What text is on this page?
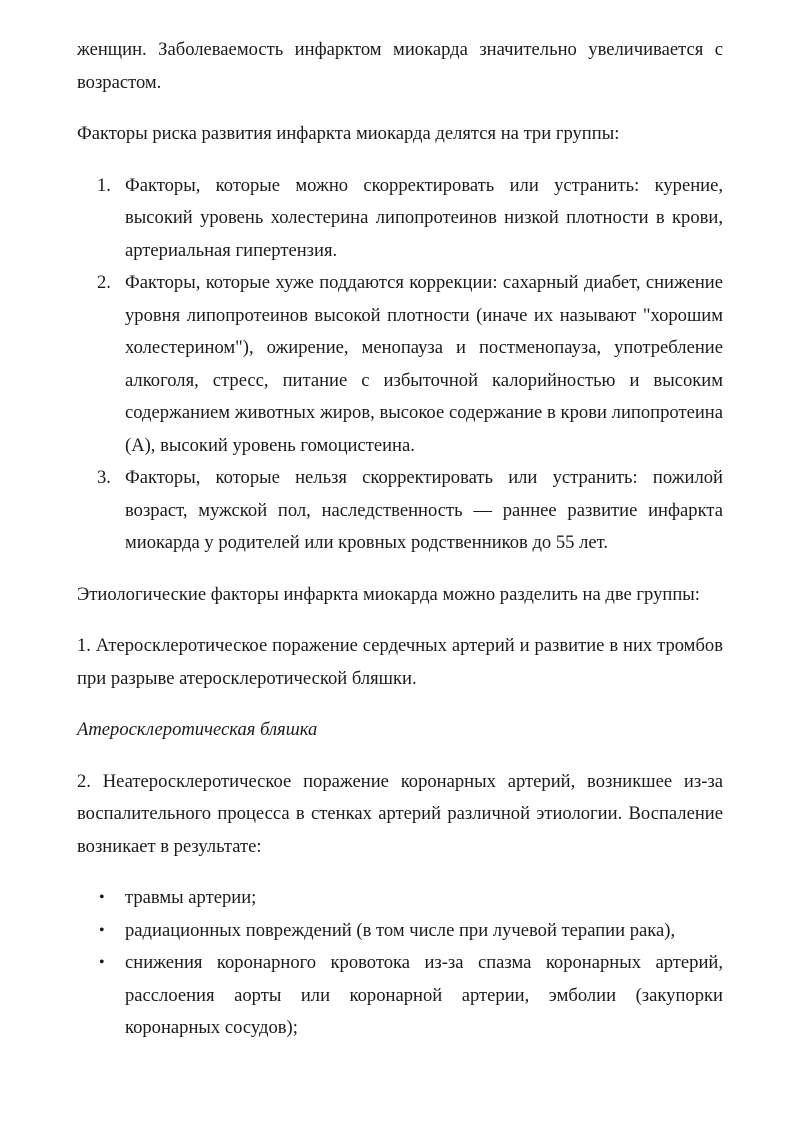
женщин. Заболеваемость инфарктом миокарда значительно увеличивается с возрастом.

Факторы риска развития инфаркта миокарда делятся на три группы:

1. Факторы, которые можно скорректировать или устранить: курение, высокий уровень холестерина липопротеинов низкой плотности в крови, артериальная гипертензия.
2. Факторы, которые хуже поддаются коррекции: сахарный диабет, снижение уровня липопротеинов высокой плотности (иначе их называют "хорошим холестерином"), ожирение, менопауза и постменопауза, употребление алкоголя, стресс, питание с избыточной калорийностью и высоким содержанием животных жиров, высокое содержание в крови липопротеина (А), высокий уровень гомоцистеина.
3. Факторы, которые нельзя скорректировать или устранить: пожилой возраст, мужской пол, наследственность — раннее развитие инфаркта миокарда у родителей или кровных родственников до 55 лет.

Этиологические факторы инфаркта миокарда можно разделить на две группы:

1. Атеросклеротическое поражение сердечных артерий и развитие в них тромбов при разрыве атеросклеротической бляшки.

Атеросклеротическая бляшка

2. Неатеросклеротическое поражение коронарных артерий, возникшее из-за воспалительного процесса в стенках артерий различной этиологии. Воспаление возникает в результате:

• травмы артерии;
• радиационных повреждений (в том числе при лучевой терапии рака),
• снижения коронарного кровотока из-за спазма коронарных артерий, расслоения аорты или коронарной артерии, эмболии (закупорки коронарных сосудов);
